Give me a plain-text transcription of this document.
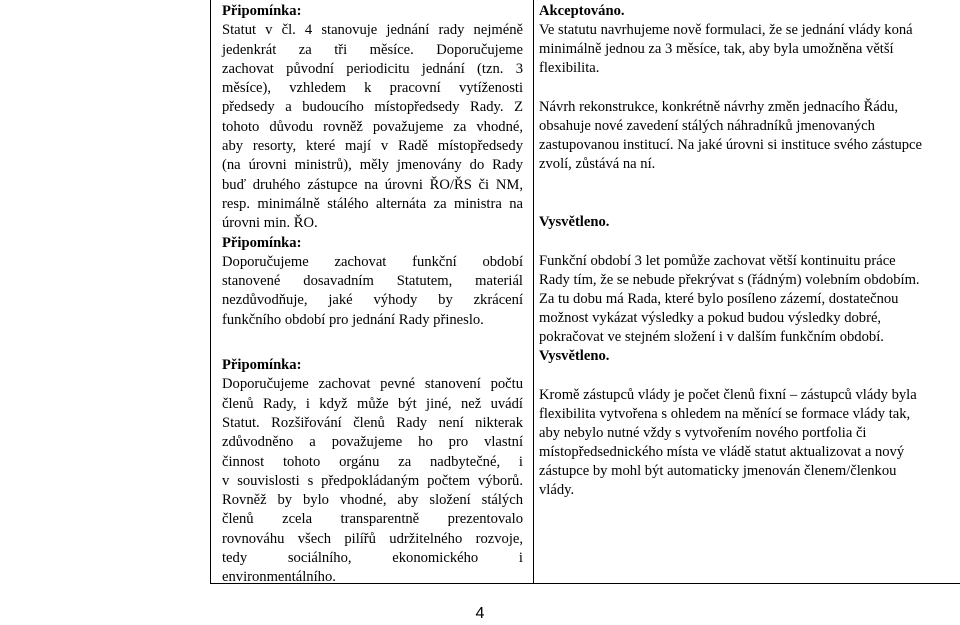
Připomínka:

Statut v čl. 4 stanovuje jednání rady nejméně

jedenkrát za tři měsíce. Doporučujeme

zachovat původní periodicitu jednání (tzn. 3

měsíce), vzhledem k pracovní vytíženosti

předsedy a budoucího místopředsedy Rady. Z

tohoto důvodu rovněž považujeme za vhodné,

aby resorty, které mají v Radě místopředsedy

(na úrovni ministrů), měly jmenovány do Rady

buď druhého zástupce na úrovni ŘO/ŘS či NM,

resp. minimálně stálého alternáta za ministra na

úrovni min. ŘO.

Připomínka:

Doporučujeme zachovat funkční období

stanovené dosavadním Statutem, materiál

nezdůvodňuje, jaké výhody by zkrácení

funkčního období pro jednání Rady přineslo.

Připomínka:

Doporučujeme zachovat pevné stanovení počtu

členů Rady, i když může být jiné, než uvádí

Statut. Rozšiřování členů Rady není nikterak

zdůvodněno a považujeme ho pro vlastní

činnost tohoto orgánu za nadbytečné, i

v souvislosti s předpokládaným počtem výborů.

Rovněž by bylo vhodné, aby složení stálých

členů zcela transparentně prezentovalo

rovnováhu všech pilířů udržitelného rozvoje,

tedy sociálního, ekonomického i

environmentálního.

Akceptováno.

Ve statutu navrhujeme nově formulaci, že se jednání vlády koná

minimálně jednou za 3 měsíce, tak, aby byla umožněna větší

flexibilita.

Návrh rekonstrukce, konkrétně návrhy změn jednacího Řádu,

obsahuje nové zavedení stálých náhradníků jmenovaných

zastupovanou institucí. Na jaké úrovni si instituce svého zástupce

zvolí, zůstává na ní.

Vysvětleno.

Funkční období 3 let pomůže zachovat větší kontinuitu práce

Rady tím, že se nebude překrývat s (řádným) volebním obdobím.

Za tu dobu má Rada, které bylo posíleno zázemí, dostatečnou

možnost vykázat výsledky a pokud budou výsledky dobré,

pokračovat ve stejném složení i v dalším funkčním období.

Vysvětleno.

Kromě zástupců vlády je počet členů fixní – zástupců vlády byla

flexibilita vytvořena s ohledem na měnící se formace vlády tak,

aby nebylo nutné vždy s vytvořením nového portfolia či

místopředsednického místa ve vládě statut aktualizovat a nový

zástupce by mohl být automaticky jmenován členem/členkou

vlády.

4
